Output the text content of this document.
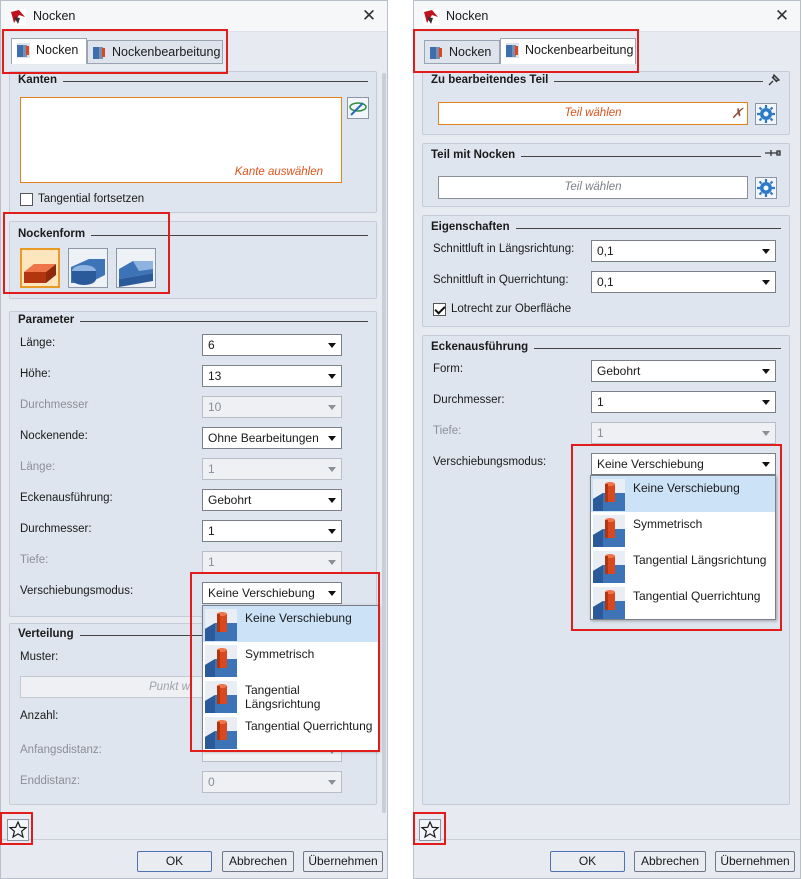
Nocken	✕
Nocken	Nockenbearbeitung
Kanten
Kante auswählen
Tangential fortsetzen
Nockenform
Parameter
Länge:	6
Höhe:	13
Durchmesser	10
Nockenende:	Ohne Bearbeitungen
Länge:	1
Eckenausführung:	Gebohrt
Durchmesser:	1
Tiefe:	1
Verschiebungsmodus:	Keine Verschiebung
Verteilung
Muster:
Punkt w
Anzahl:
Anfangsdistanz:
Enddistanz:	0
Keine Verschiebung
Symmetrisch
Tangential Längsrichtung
Tangential Querrichtung
OK	Abbrechen	Übernehmen
Nocken	✕
Nocken	Nockenbearbeitung
Zu bearbeitendes Teil
Teil wählen	✗
Teil mit Nocken
Teil wählen
Eigenschaften
Schnittluft in Längsrichtung:	0,1
Schnittluft in Querrichtung:	0,1
Lotrecht zur Oberfläche
Eckenausführung
Form:	Gebohrt
Durchmesser:	1
Tiefe:	1
Verschiebungsmodus:	Keine Verschiebung
Keine Verschiebung
Symmetrisch
Tangential Längsrichtung
Tangential Querrichtung
OK	Abbrechen	Übernehmen
